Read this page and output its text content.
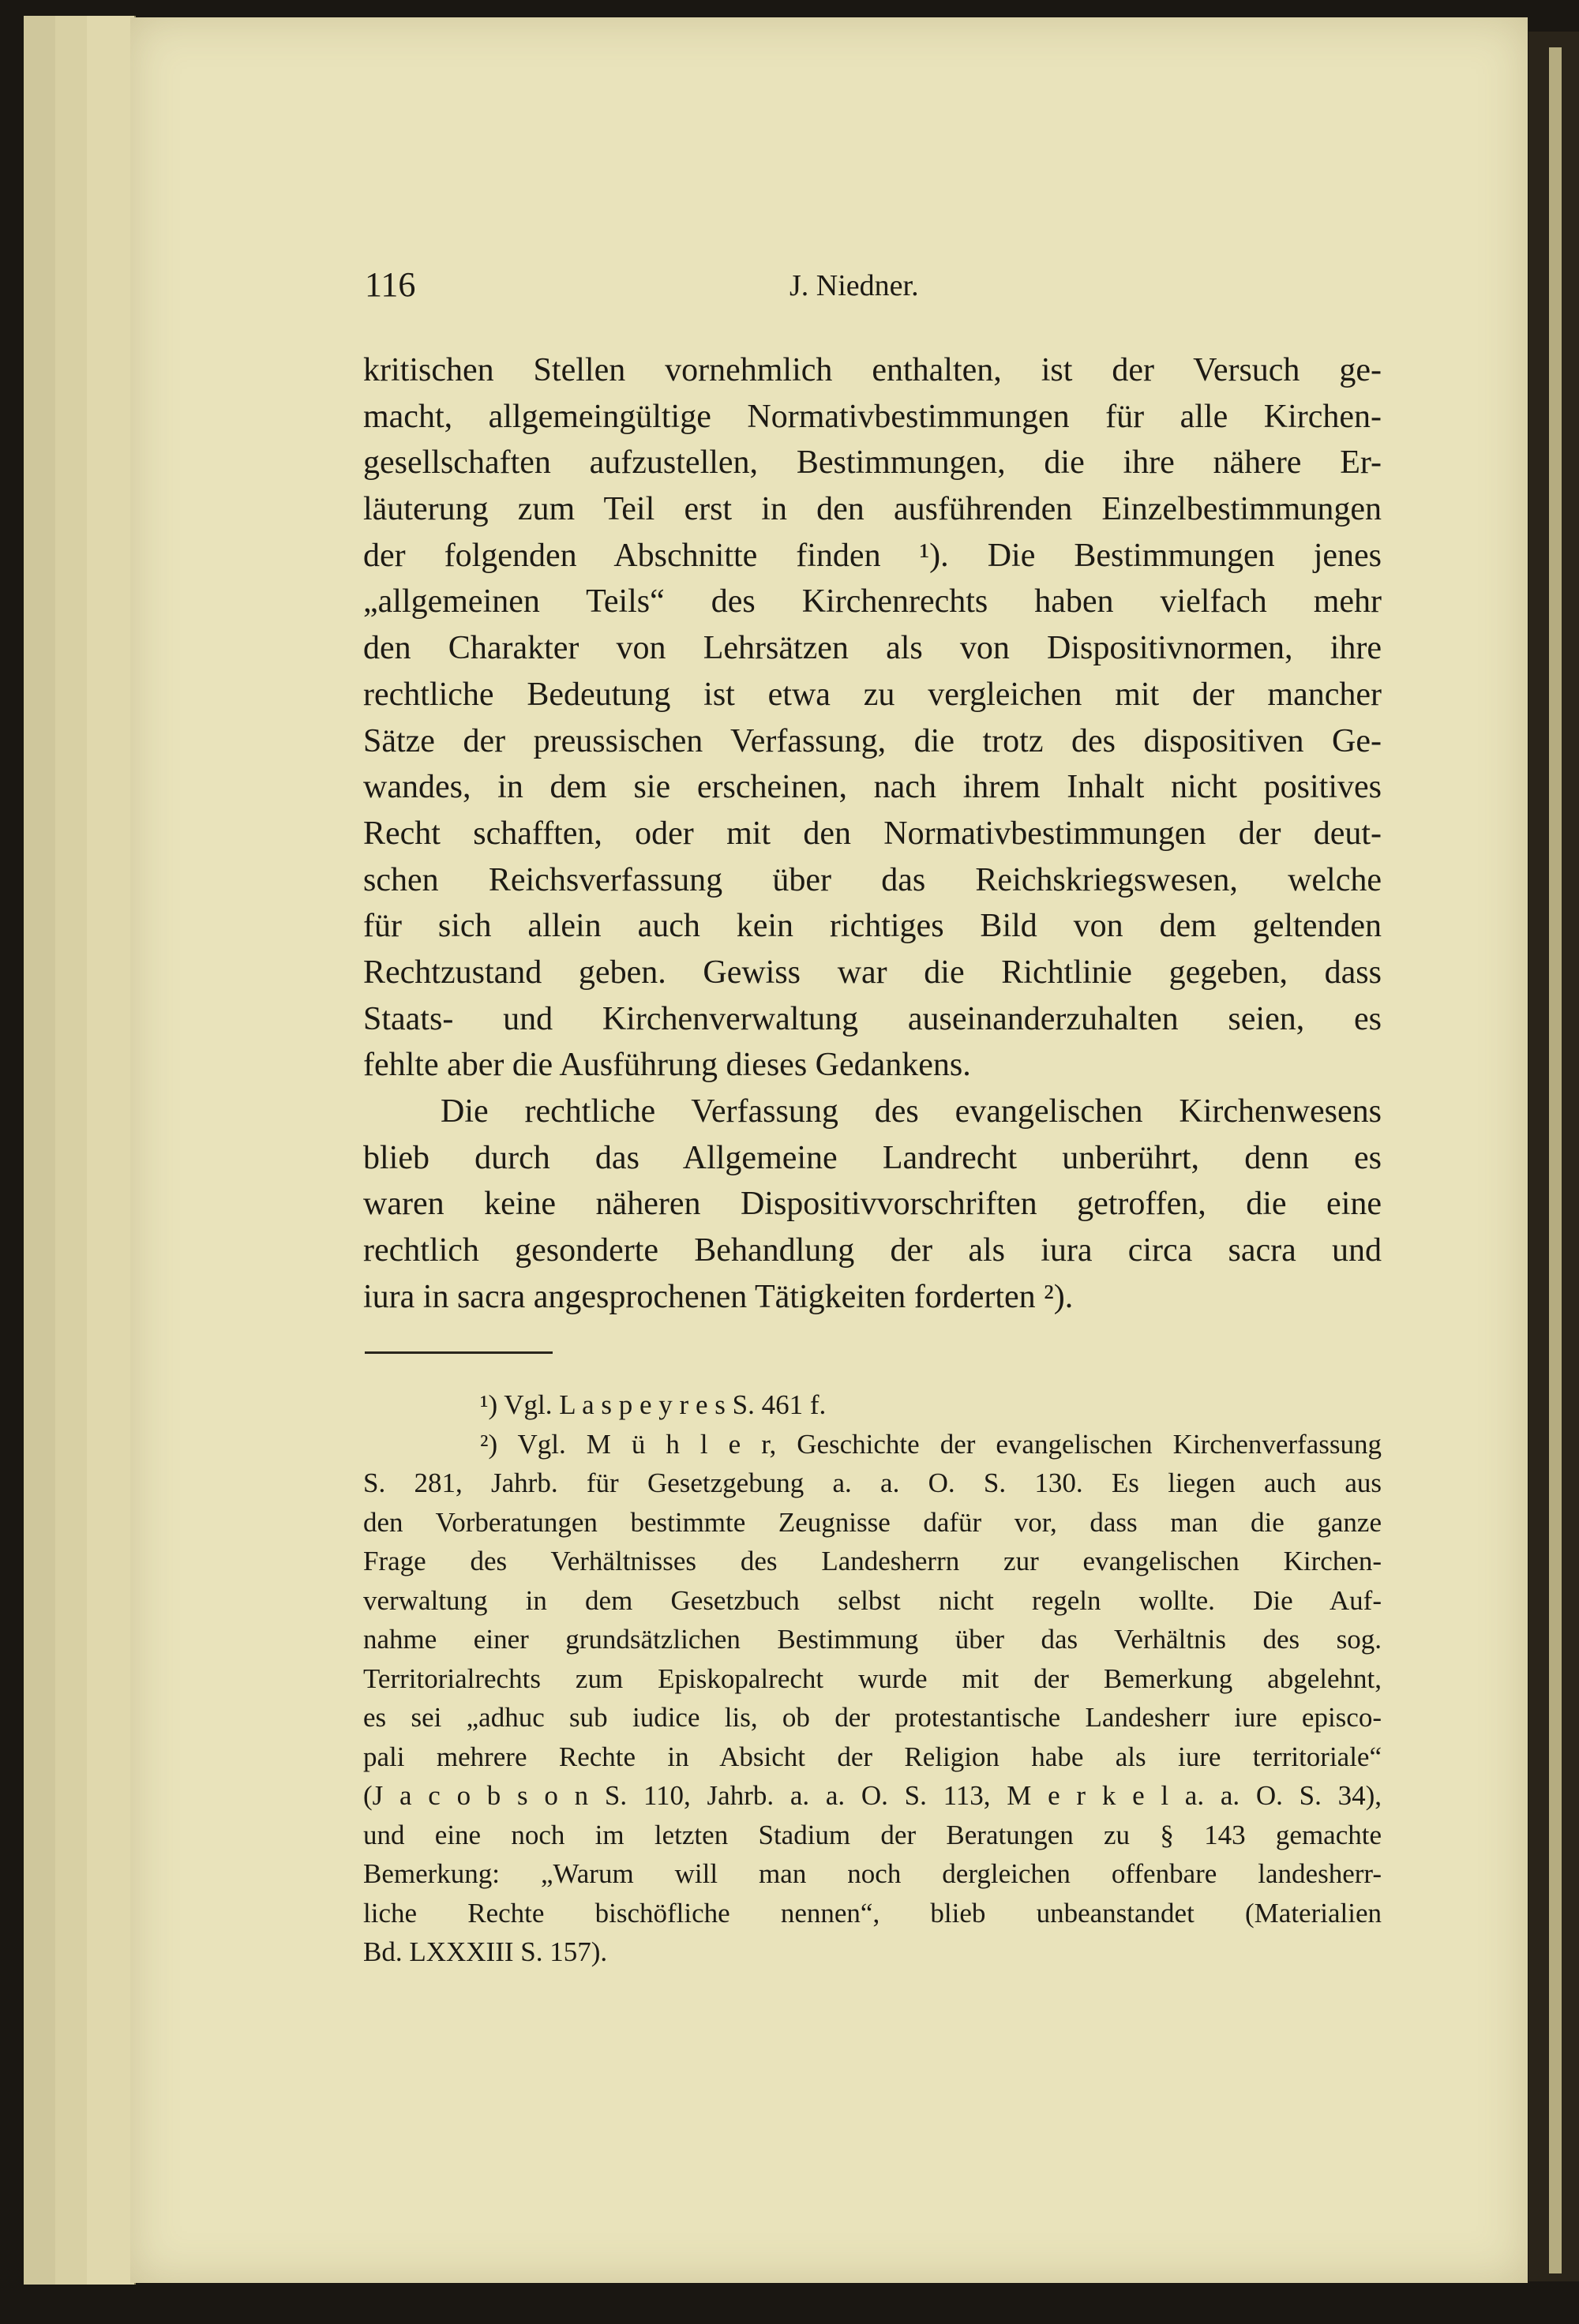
116	J. Niedner.
kritischen Stellen vornehmlich enthalten, ist der Versuch ge-
macht, allgemeingültige Normativbestimmungen für alle Kirchen-
gesellschaften aufzustellen, Bestimmungen, die ihre nähere Er-
läuterung zum Teil erst in den ausführenden Einzelbestimmungen
der folgenden Abschnitte finden ¹). Die Bestimmungen jenes
„allgemeinen Teils“ des Kirchenrechts haben vielfach mehr
den Charakter von Lehrsätzen als von Dispositivnormen, ihre
rechtliche Bedeutung ist etwa zu vergleichen mit der mancher
Sätze der preussischen Verfassung, die trotz des dispositiven Ge-
wandes, in dem sie erscheinen, nach ihrem Inhalt nicht positives
Recht schafften, oder mit den Normativbestimmungen der deut-
schen Reichsverfassung über das Reichskriegswesen, welche
für sich allein auch kein richtiges Bild von dem geltenden
Rechtzustand geben. Gewiss war die Richtlinie gegeben, dass
Staats- und Kirchenverwaltung auseinanderzuhalten seien, es
fehlte aber die Ausführung dieses Gedankens.
Die rechtliche Verfassung des evangelischen Kirchenwesens
blieb durch das Allgemeine Landrecht unberührt, denn es
waren keine näheren Dispositivvorschriften getroffen, die eine
rechtlich gesonderte Behandlung der als iura circa sacra und
iura in sacra angesprochenen Tätigkeiten forderten ²).
¹) Vgl. L a s p e y r e s S. 461 f.
²) Vgl. M ü h l e r, Geschichte der evangelischen Kirchenverfassung
S. 281, Jahrb. für Gesetzgebung a. a. O. S. 130. Es liegen auch aus
den Vorberatungen bestimmte Zeugnisse dafür vor, dass man die ganze
Frage des Verhältnisses des Landesherrn zur evangelischen Kirchen-
verwaltung in dem Gesetzbuch selbst nicht regeln wollte. Die Auf-
nahme einer grundsätzlichen Bestimmung über das Verhältnis des sog.
Territorialrechts zum Episkopalrecht wurde mit der Bemerkung abgelehnt,
es sei „adhuc sub iudice lis, ob der protestantische Landesherr iure episco-
pali mehrere Rechte in Absicht der Religion habe als iure territoriale“
(J a c o b s o n S. 110, Jahrb. a. a. O. S. 113, M e r k e l a. a. O. S. 34),
und eine noch im letzten Stadium der Beratungen zu § 143 gemachte
Bemerkung: „Warum will man noch dergleichen offenbare landesherr-
liche Rechte bischöfliche nennen“, blieb unbeanstandet (Materialien
Bd. LXXXIII S. 157).
